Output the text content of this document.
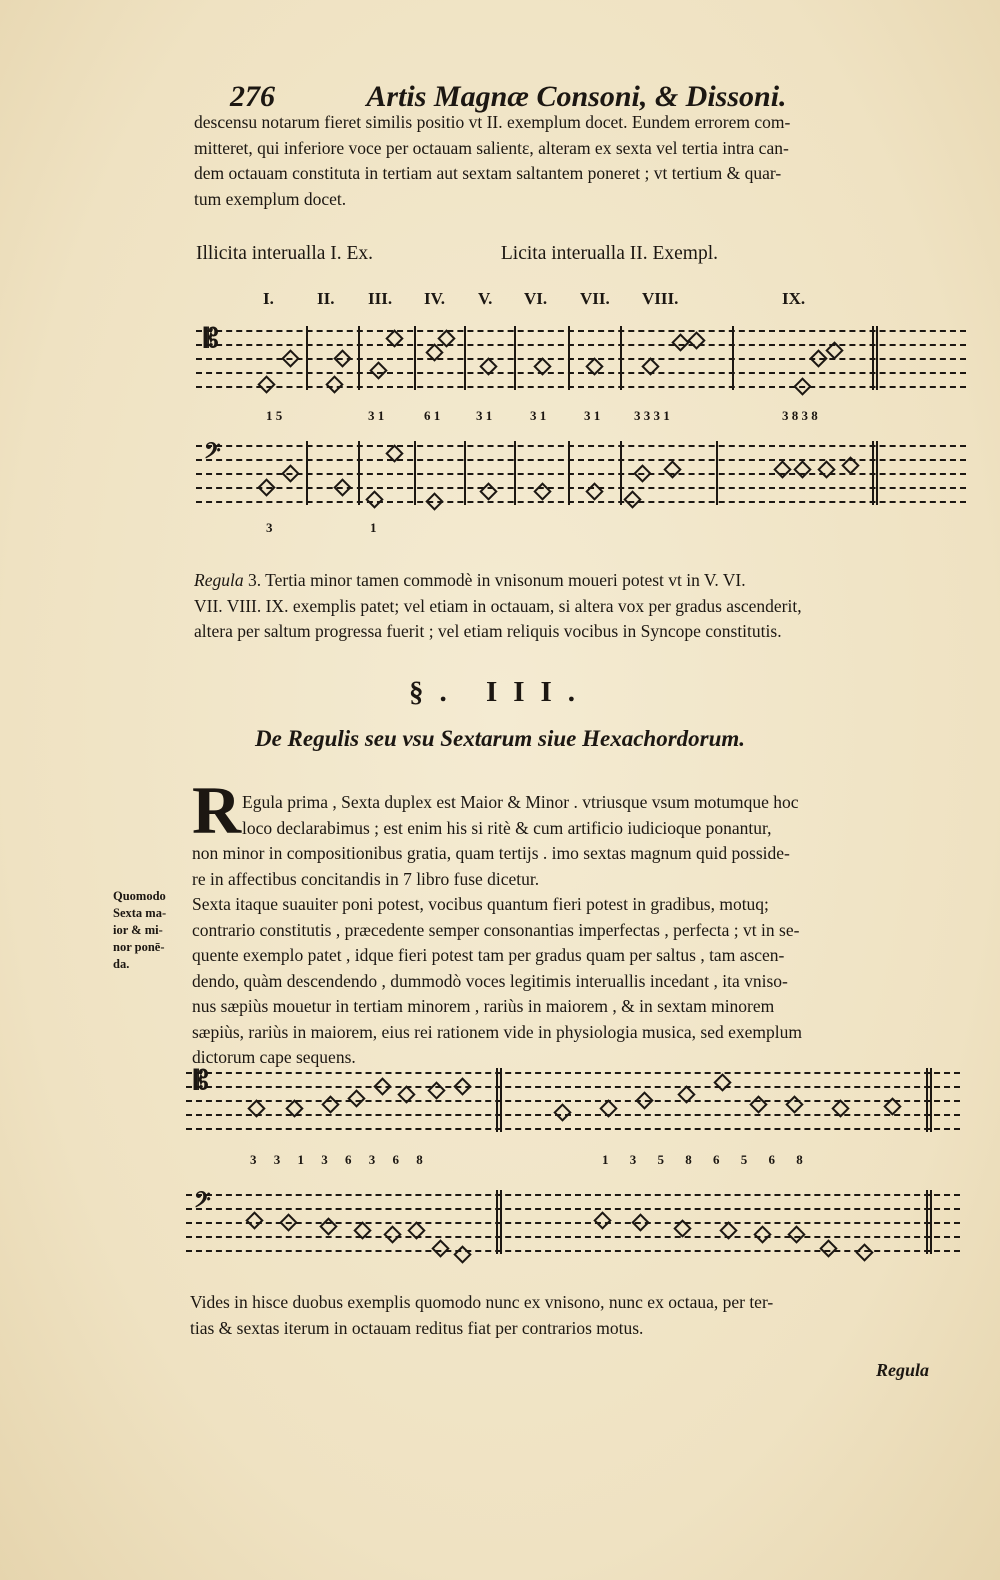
276	Artis Magnæ Consoni, & Dissoni.
descensu notarum fieret similis positio vt II. exemplum docet. Eundem errorem com-
mitteret, qui inferiore voce per octauam salientε, alteram ex sexta vel tertia intra can-
dem octauam constituta in tertiam aut sextam saltantem poneret ; vt tertium & quar-
tum exemplum docet.
Illicita interualla I. Ex.	Licita interualla II. Exempl.
I.	II. III. IV. V. VI. VII. VIII.	IX.
𝄡
1 5	3 1	6 1	3 1	3 1	3 1	3 3 3 1	3 8 3 8
𝄢
3	1
Regula 3. Tertia minor tamen commodè in vnisonum moueri potest vt in V. VI.
VII. VIII. IX. exemplis patet; vel etiam in octauam, si altera vox per gradus ascenderit,
altera per saltum progressa fuerit ; vel etiam reliquis vocibus in Syncope constitutis.
§. III.
De Regulis seu vsu Sextarum siue Hexachordorum.
R Egula prima , Sexta duplex est Maior & Minor . vtriusque vsum motumque hoc
loco declarabimus ; est enim his si ritè & cum artificio iudicioque ponantur,
non minor in compositionibus gratia, quam tertijs . imo sextas magnum quid posside-
re in affectibus concitandis in 7 libro fuse dicetur.
Sexta itaque suauiter poni potest, vocibus quantum fieri potest in gradibus, motuq;
contrario constitutis , præcedente semper consonantias imperfectas , perfecta ; vt in se-
quente exemplo patet , idque fieri potest tam per gradus quam per saltus , tam ascen-
dendo, quàm descendendo , dummodò voces legitimis interuallis incedant , ita vniso-
nus sæpiùs mouetur in tertiam minorem , rariùs in maiorem , & in sextam minorem
sæpiùs, rariùs in maiorem, eius rei rationem vide in physiologia musica, sed exemplum
dictorum cape sequens.
Quomodo
Sexta ma-
ior & mi-
nor ponē-
da.
𝄡
3 3 1 3 6 3 6 8	1 3 5 8 6 5 6 8
𝄢
Vides in hisce duobus exemplis quomodo nunc ex vnisono, nunc ex octaua, per ter-
tias & sextas iterum in octauam reditus fiat per contrarios motus.
Regula
